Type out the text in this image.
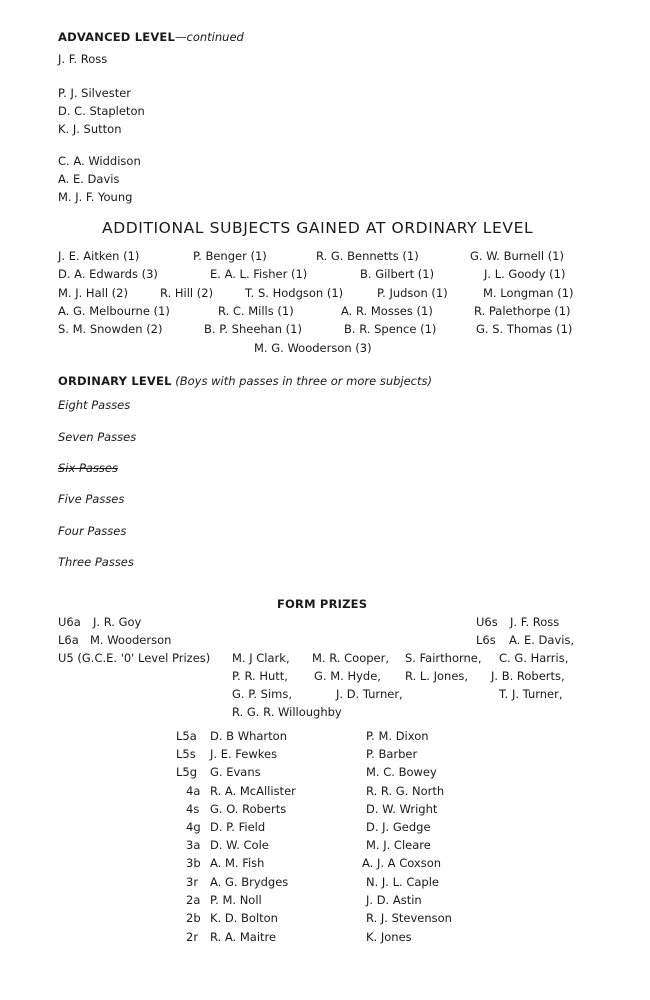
ADVANCED LEVEL—continued
J. F. Ross
P. J. Silvester
D. C. Stapleton
K. J. Sutton
C. A. Widdison
A. E. Davis
M. J. F. Young
ADDITIONAL SUBJECTS GAINED AT ORDINARY LEVEL
J. E. Aitken (1)	P. Benger (1)	R. G. Bennetts (1)	G. W. Burnell (1)
D. A. Edwards (3)	E. A. L. Fisher (1)	B. Gilbert (1)	J. L. Goody (1)
M. J. Hall (2)	R. Hill (2)	T. S. Hodgson (1)	P. Judson (1)	M. Longman (1)
A. G. Melbourne (1)	R. C. Mills (1)	A. R. Mosses (1)	R. Palethorpe (1)
S. M. Snowden (2)	B. P. Sheehan (1)	B. R. Spence (1)	G. S. Thomas (1)
M. G. Wooderson (3)
ORDINARY LEVEL (Boys with passes in three or more subjects)
Eight Passes
Seven Passes
Six Passes
Five Passes
Four Passes
Three Passes
FORM PRIZES
U6a J. R. Goy	U6s J. F. Ross
L6a M. Wooderson	L6s A. E. Davis,
U5 (G.C.E. '0' Level Prizes) M. J Clark, M. R. Cooper, S. Fairthorne, C. G. Harris,
P. R. Hutt, G. M. Hyde, R. L. Jones, J. B. Roberts,
G. P. Sims,	J. D. Turner,	T. J. Turner,
R. G. R. Willoughby
L5a D. B Wharton	P. M. Dixon
L5s J. E. Fewkes	P. Barber
L5g G. Evans	M. C. Bowey
4a R. A. McAllister	R. R. G. North
4s G. O. Roberts	D. W. Wright
4g D. P. Field	D. J. Gedge
3a D. W. Cole	M. J. Cleare
3b A. M. Fish	A. J. A Coxson
3r A. G. Brydges	N. J. L. Caple
2a P. M. Noll	J. D. Astin
2b K. D. Bolton	R. J. Stevenson
2r R. A. Maitre	K. Jones
